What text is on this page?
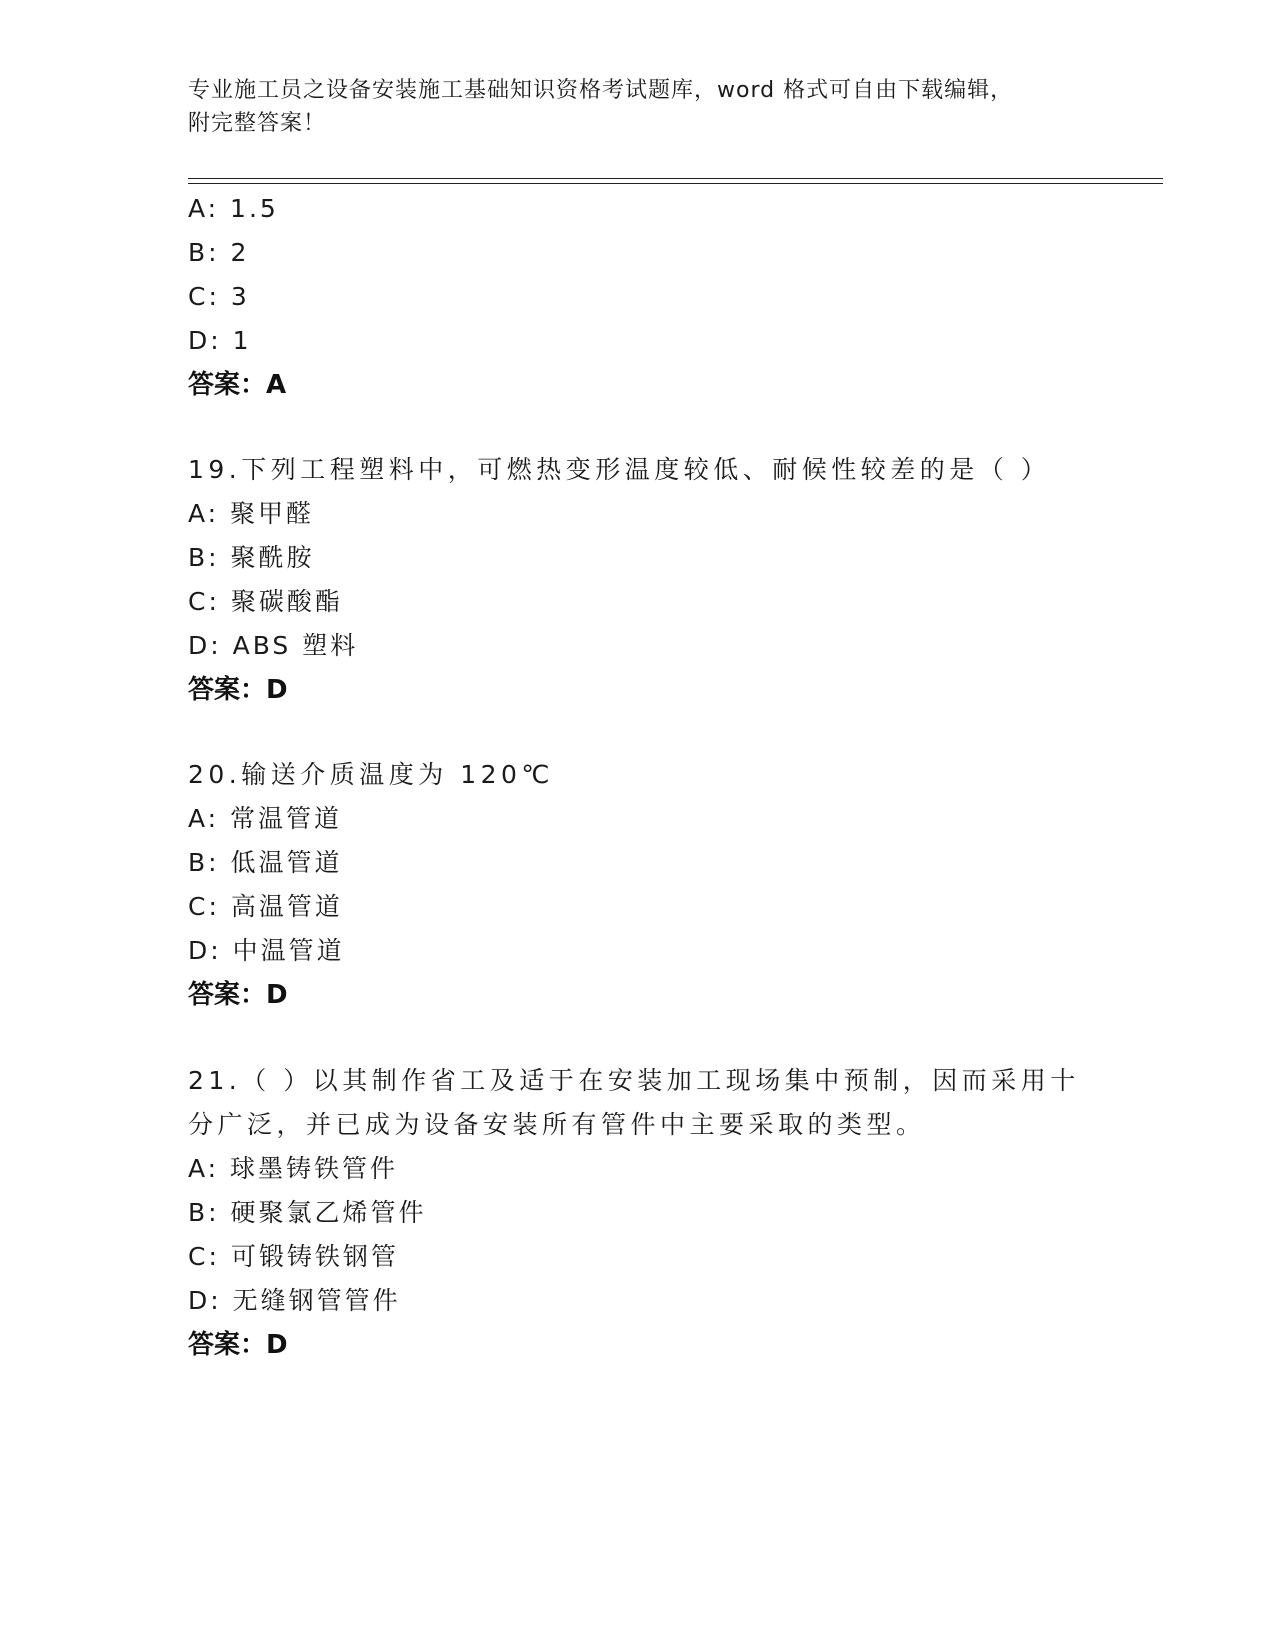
专业施工员之设备安装施工基础知识资格考试题库，word 格式可自由下载编辑，
附完整答案！
A: 1.5
B: 2
C: 3
D: 1
答案：A
19.下列工程塑料中，可燃热变形温度较低、耐候性较差的是（ ）
A: 聚甲醛
B: 聚酰胺
C: 聚碳酸酯
D: ABS 塑料
答案：D
20.输送介质温度为 120℃
A: 常温管道
B: 低温管道
C: 高温管道
D: 中温管道
答案：D
21.（ ）以其制作省工及适于在安装加工现场集中预制，因而采用十
分广泛，并已成为设备安装所有管件中主要采取的类型。
A: 球墨铸铁管件
B: 硬聚氯乙烯管件
C: 可锻铸铁钢管
D: 无缝钢管管件
答案：D
